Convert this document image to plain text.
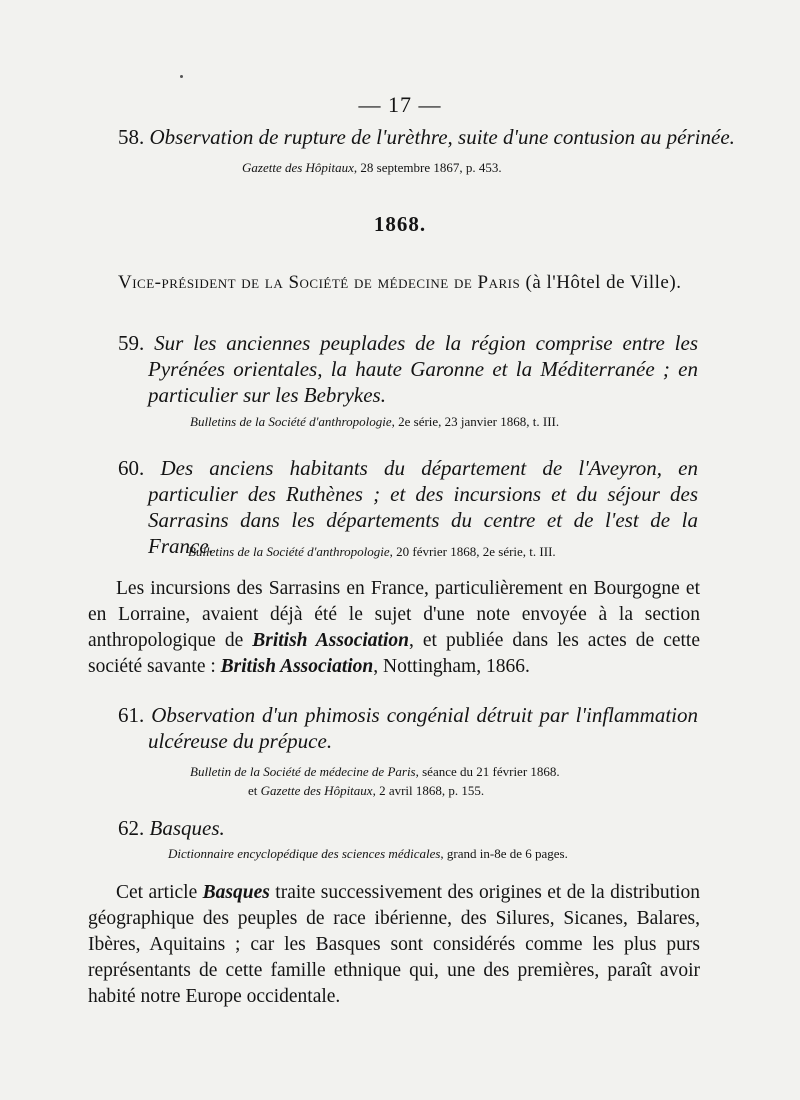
— 17 —
58. Observation de rupture de l'urèthre, suite d'une contusion au périnée.
Gazette des Hôpitaux, 28 septembre 1867, p. 453.
1868.
Vice-président de la Société de médecine de Paris (à l'Hôtel de Ville).
59. Sur les anciennes peuplades de la région comprise entre les Pyrénées orientales, la haute Garonne et la Méditerranée ; en particulier sur les Bebrykes.
Bulletins de la Société d'anthropologie, 2e série, 23 janvier 1868, t. III.
60. Des anciens habitants du département de l'Aveyron, en particulier des Ruthènes ; et des incursions et du séjour des Sarrasins dans les départements du centre et de l'est de la France.
Bulletins de la Société d'anthropologie, 20 février 1868, 2e série, t. III.
Les incursions des Sarrasins en France, particulièrement en Bourgogne et en Lorraine, avaient déjà été le sujet d'une note envoyée à la section anthropologique de British Association, et publiée dans les actes de cette société savante : British Association, Nottingham, 1866.
61. Observation d'un phimosis congénial détruit par l'inflammation ulcéreuse du prépuce.
Bulletin de la Société de médecine de Paris, séance du 21 février 1868.
et Gazette des Hôpitaux, 2 avril 1868, p. 155.
62. Basques.
Dictionnaire encyclopédique des sciences médicales, grand in-8e de 6 pages.
Cet article Basques traite successivement des origines et de la distribution géographique des peuples de race ibérienne, des Silures, Sicanes, Balares, Ibères, Aquitains ; car les Basques sont considérés comme les plus purs représentants de cette famille ethnique qui, une des premières, paraît avoir habité notre Europe occidentale.
